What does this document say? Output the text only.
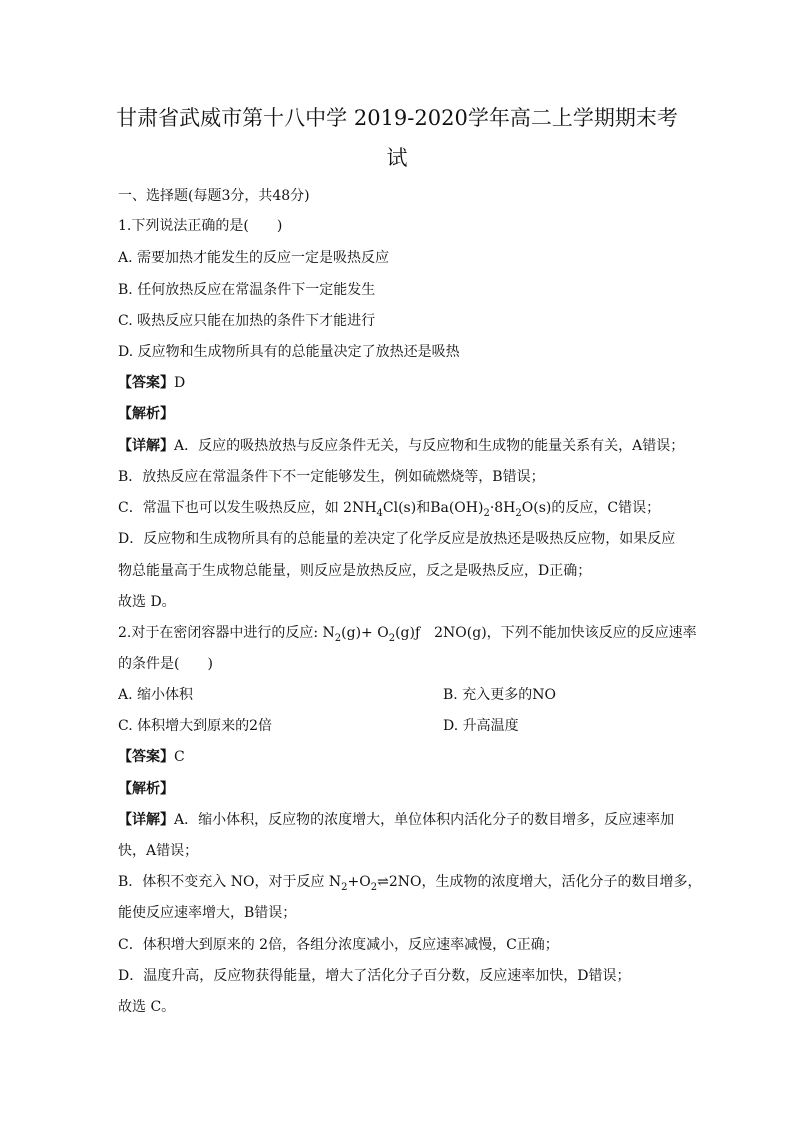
甘肃省武威市第十八中学 2019-2020学年高二上学期期末考
试
一、选择题(每题3分，共48分)
1.下列说法正确的是(　　)
A. 需要加热才能发生的反应一定是吸热反应
B. 任何放热反应在常温条件下一定能发生
C. 吸热反应只能在加热的条件下才能进行
D. 反应物和生成物所具有的总能量决定了放热还是吸热
【答案】D
【解析】
【详解】A．反应的吸热放热与反应条件无关，与反应物和生成物的能量关系有关，A错误；
B．放热反应在常温条件下不一定能够发生，例如硫燃烧等，B错误；
C．常温下也可以发生吸热反应，如 $2NH_4Cl(s)$和$Ba(OH)_2\cdot 8H_2O(s)$的反应，C错误；
D．反应物和生成物所具有的总能量的差决定了化学反应是放热还是吸热反应物，如果反应
物总能量高于生成物总能量，则反应是放热反应，反之是吸热反应，D正确；
故选 D。
2.对于在密闭容器中进行的反应: $N_2(g)+$ $O_2(g)ƒ$　2NO(g)，下列不能加快该反应的反应速率
的条件是(　　)
A. 缩小体积	B. 充入更多的NO
C. 体积增大到原来的2倍	D. 升高温度
【答案】C
【解析】
【详解】A．缩小体积，反应物的浓度增大，单位体积内活化分子的数目增多，反应速率加
快，A错误；
B．体积不变充入 NO，对于反应 $N_2+O_2\rightleftharpoons 2NO$，生成物的浓度增大，活化分子的数目增多，
能使反应速率增大，B错误；
C．体积增大到原来的 2倍，各组分浓度减小，反应速率减慢，C正确；
D．温度升高，反应物获得能量，增大了活化分子百分数，反应速率加快，D错误；
故选 C。
